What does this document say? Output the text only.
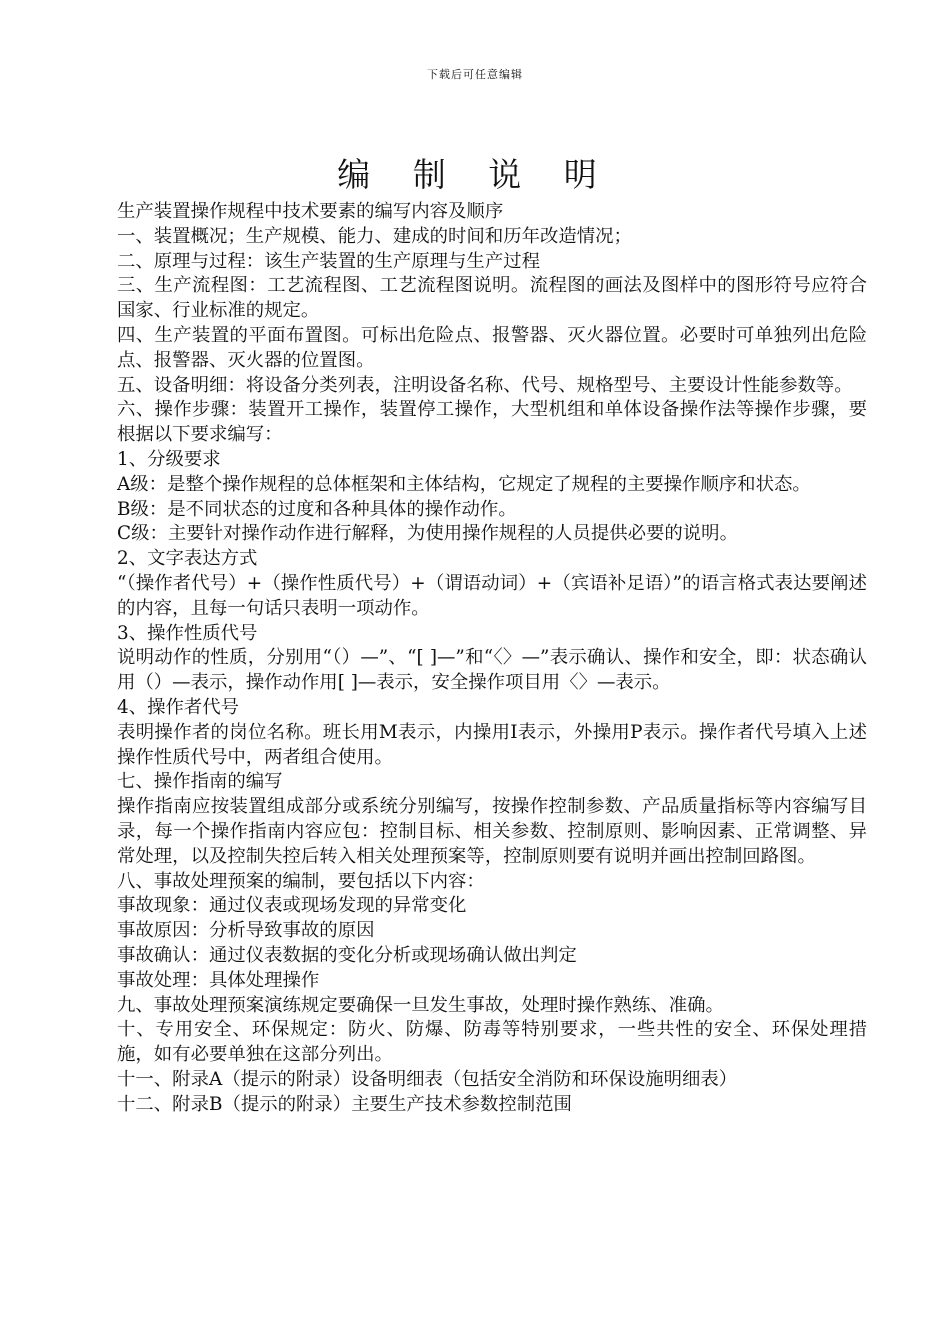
下载后可任意编辑
编 制 说 明

生产装置操作规程中技术要素的编写内容及顺序

一、装置概况；生产规模、能力、建成的时间和历年改造情况；

二、原理与过程：该生产装置的生产原理与生产过程

三、生产流程图：工艺流程图、工艺流程图说明。流程图的画法及图样中的图形符号应符合国家、行业标准的规定。

四、生产装置的平面布置图。可标出危险点、报警器、灭火器位置。必要时可单独列出危险点、报警器、灭火器的位置图。

五、设备明细：将设备分类列表，注明设备名称、代号、规格型号、主要设计性能参数等。

六、操作步骤：装置开工操作，装置停工操作，大型机组和单体设备操作法等操作步骤，要根据以下要求编写：

1、分级要求

A级：是整个操作规程的总体框架和主体结构，它规定了规程的主要操作顺序和状态。

B级：是不同状态的过度和各种具体的操作动作。

C级：主要针对操作动作进行解释，为使用操作规程的人员提供必要的说明。

2、文字表达方式

“（操作者代号）+（操作性质代号）+（谓语动词）+（宾语补足语）”的语言格式表达要阐述的内容，且每一句话只表明一项动作。

3、操作性质代号

说明动作的性质，分别用“（）—”、“[ ]—”和“〈〉—”表示确认、操作和安全，即：状态确认用（）—表示，操作动作用[ ]—表示，安全操作项目用〈〉—表示。

4、操作者代号

表明操作者的岗位名称。班长用M表示，内操用I表示，外操用P表示。操作者代号填入上述操作性质代号中，两者组合使用。

七、操作指南的编写

操作指南应按装置组成部分或系统分别编写，按操作控制参数、产品质量指标等内容编写目录，每一个操作指南内容应包：控制目标、相关参数、控制原则、影响因素、正常调整、异常处理，以及控制失控后转入相关处理预案等，控制原则要有说明并画出控制回路图。

八、事故处理预案的编制，要包括以下内容：

事故现象：通过仪表或现场发现的异常变化

事故原因：分析导致事故的原因

事故确认：通过仪表数据的变化分析或现场确认做出判定

事故处理：具体处理操作

九、事故处理预案演练规定要确保一旦发生事故，处理时操作熟练、准确。

十、专用安全、环保规定：防火、防爆、防毒等特别要求，一些共性的安全、环保处理措施，如有必要单独在这部分列出。

十一、附录A（提示的附录）设备明细表（包括安全消防和环保设施明细表）

十二、附录B（提示的附录）主要生产技术参数控制范围
